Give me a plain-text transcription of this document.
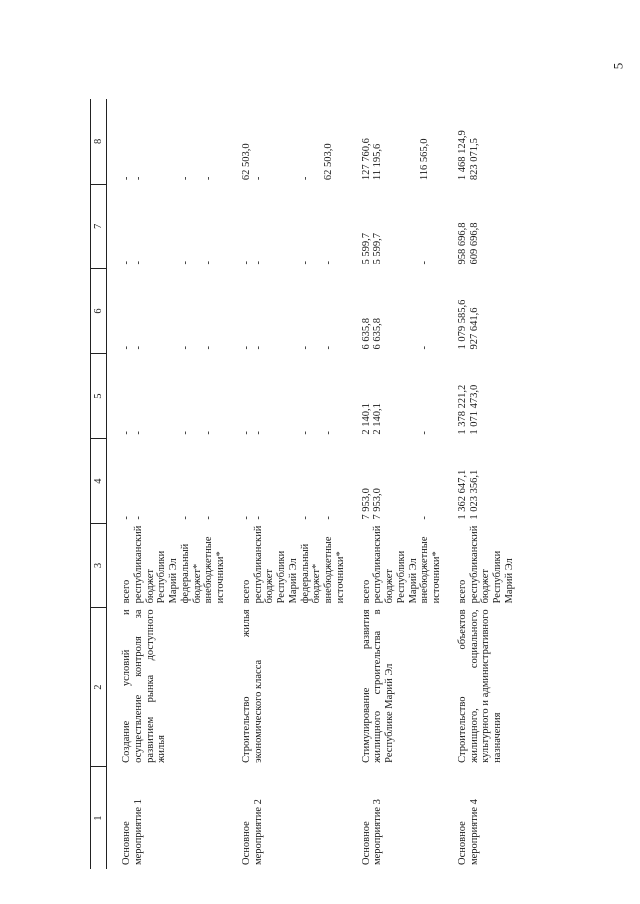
5
1	2	3	4	5	6	7	8

Основное мероприятие 1	Создание условий и осуществление контроля за развитием рынка доступного жилья	всего	-	-	-	-	-
		республиканский бюджет Республики Марий Эл	-	-	-	-	-
		федеральный бюджет*	-	-	-	-	-
		внебюджетные источники*	-	-	-	-	-

Основное мероприятие 2	Строительство жилья экономического класса	всего	-	-	-	-	62 503,0
		республиканский бюджет Республики Марий Эл	-	-	-	-	-
		федеральный бюджет*	-	-	-	-	-
		внебюджетные источники*	-	-	-	-	62 503,0

Основное мероприятие 3	Стимулирование развития жилищного строительства в Республике Марий Эл	всего	7 953,0	2 140,1	6 635,8	5 599,7	127 760,6
		республиканский бюджет Республики Марий Эл	7 953,0	2 140,1	6 635,8	5 599,7	11 195,6
		внебюджетные источники*	-	-	-	-	116 565,0

Основное мероприятие 4	Строительство объектов жилищного, социального, культурного и административного назначения	всего	1 362 647,1	1 378 221,2	1 079 585,6	958 696,8	1 468 124,9
		республиканский бюджет Республики Марий Эл	1 023 356,1	1 071 473,0	927 641,6	609 696,8	823 071,5
